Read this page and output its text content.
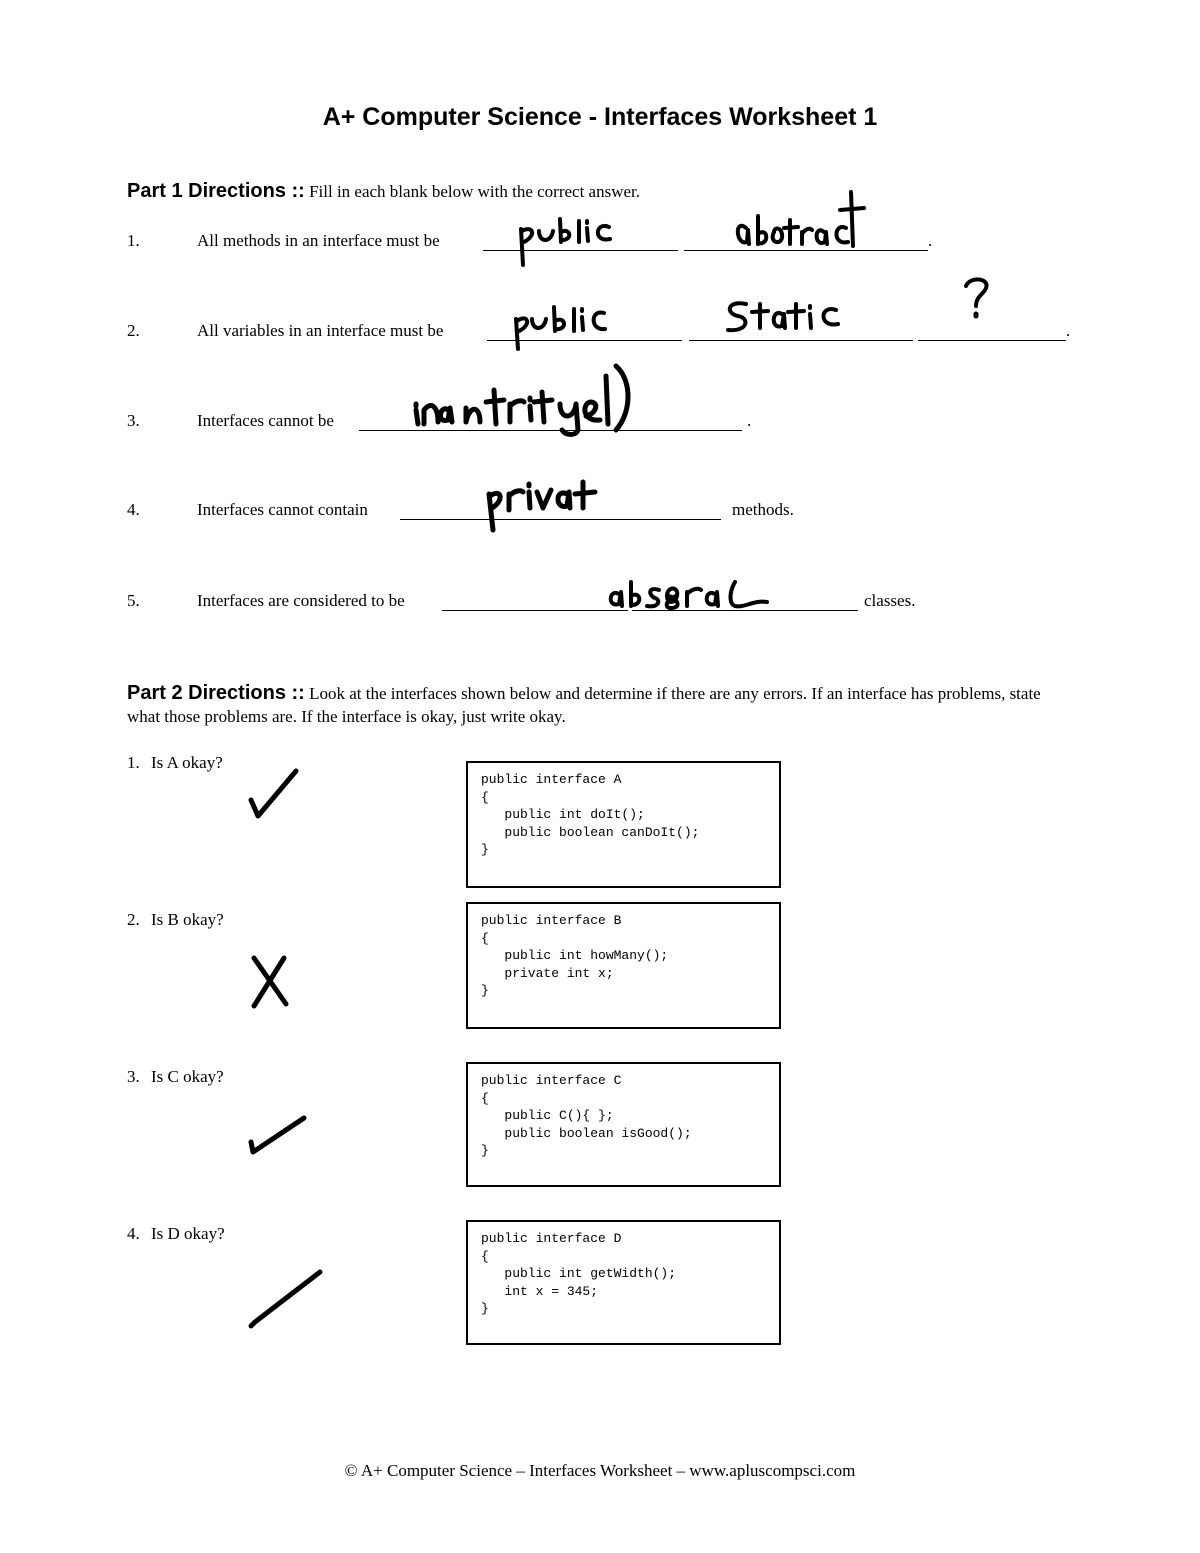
A+ Computer Science - Interfaces Worksheet 1
Part 1 Directions :: Fill in each blank below with the correct answer.
1.	All methods in an interface must be	.
2.	All variables in an interface must be	.
3.	Interfaces cannot be	.
4.	Interfaces cannot contain	methods.
5.	Interfaces are considered to be	classes.
Part 2 Directions :: Look at the interfaces shown below and determine if there are any errors. If an interface has problems, state what those problems are. If the interface is okay, just write okay.
1. Is A okay?
public interface A
{
public int doIt();
public boolean canDoIt();
}
2. Is B okay?	public interface B
{
public int howMany();
private int x;
}
3. Is C okay?	public interface C
{
public C(){ };
public boolean isGood();
}
4. Is D okay?	public interface D
{
public int getWidth();
int x = 345;
}
© A+ Computer Science – Interfaces Worksheet – www.apluscompsci.com
